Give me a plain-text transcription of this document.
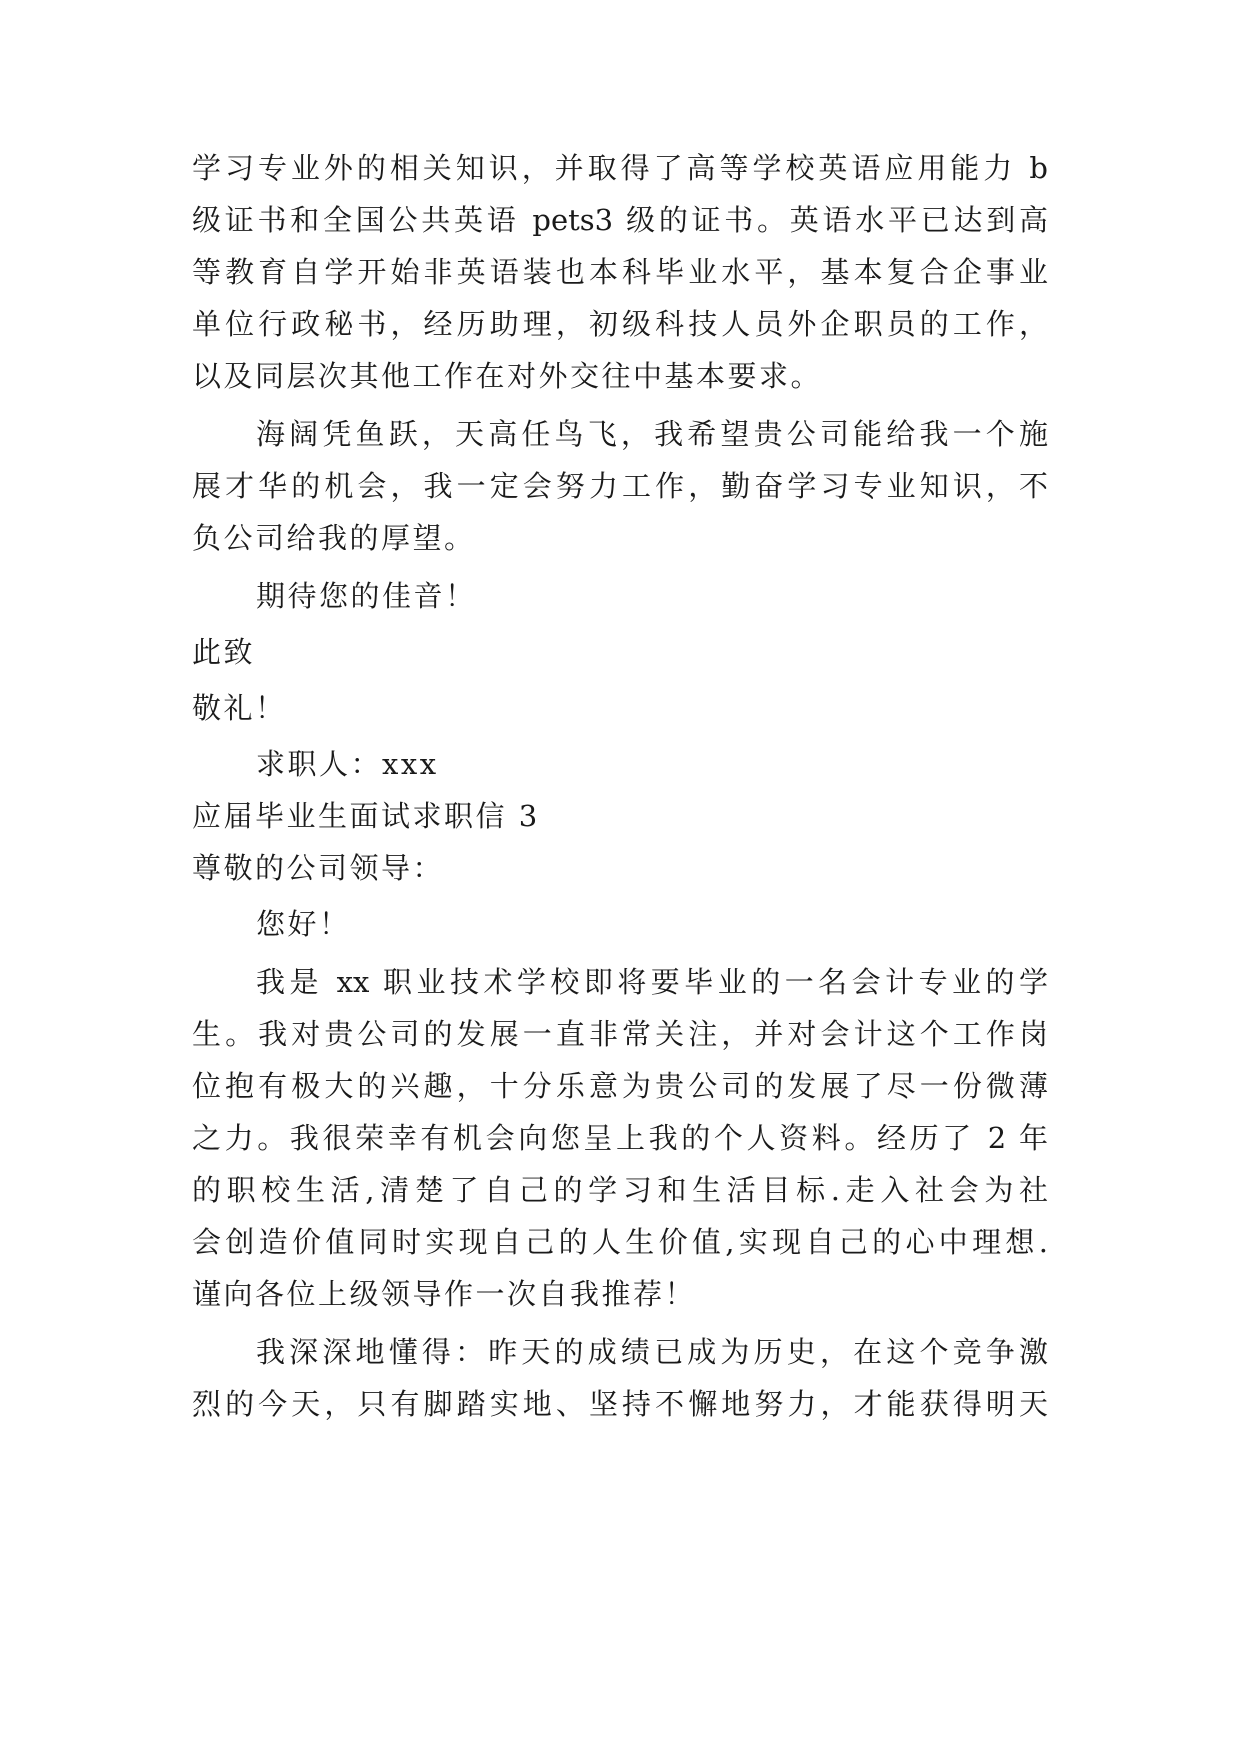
学习专业外的相关知识，并取得了高等学校英语应用能力 b
级证书和全国公共英语 pets3 级的证书。英语水平已达到高
等教育自学开始非英语装也本科毕业水平，基本复合企事业
单位行政秘书，经历助理，初级科技人员外企职员的工作，
以及同层次其他工作在对外交往中基本要求。
海阔凭鱼跃，天高任鸟飞，我希望贵公司能给我一个施
展才华的机会，我一定会努力工作，勤奋学习专业知识，不
负公司给我的厚望。
期待您的佳音！
此致
敬礼！
求职人：xxx
应届毕业生面试求职信 3
尊敬的公司领导：
您好！
我是 xx 职业技术学校即将要毕业的一名会计专业的学
生。我对贵公司的发展一直非常关注，并对会计这个工作岗
位抱有极大的兴趣，十分乐意为贵公司的发展了尽一份微薄
之力。我很荣幸有机会向您呈上我的个人资料。经历了 2 年
的职校生活,清楚了自己的学习和生活目标.走入社会为社
会创造价值同时实现自己的人生价值,实现自己的心中理想.
谨向各位上级领导作一次自我推荐！
我深深地懂得：昨天的成绩已成为历史，在这个竞争激
烈的今天，只有脚踏实地、坚持不懈地努力，才能获得明天
